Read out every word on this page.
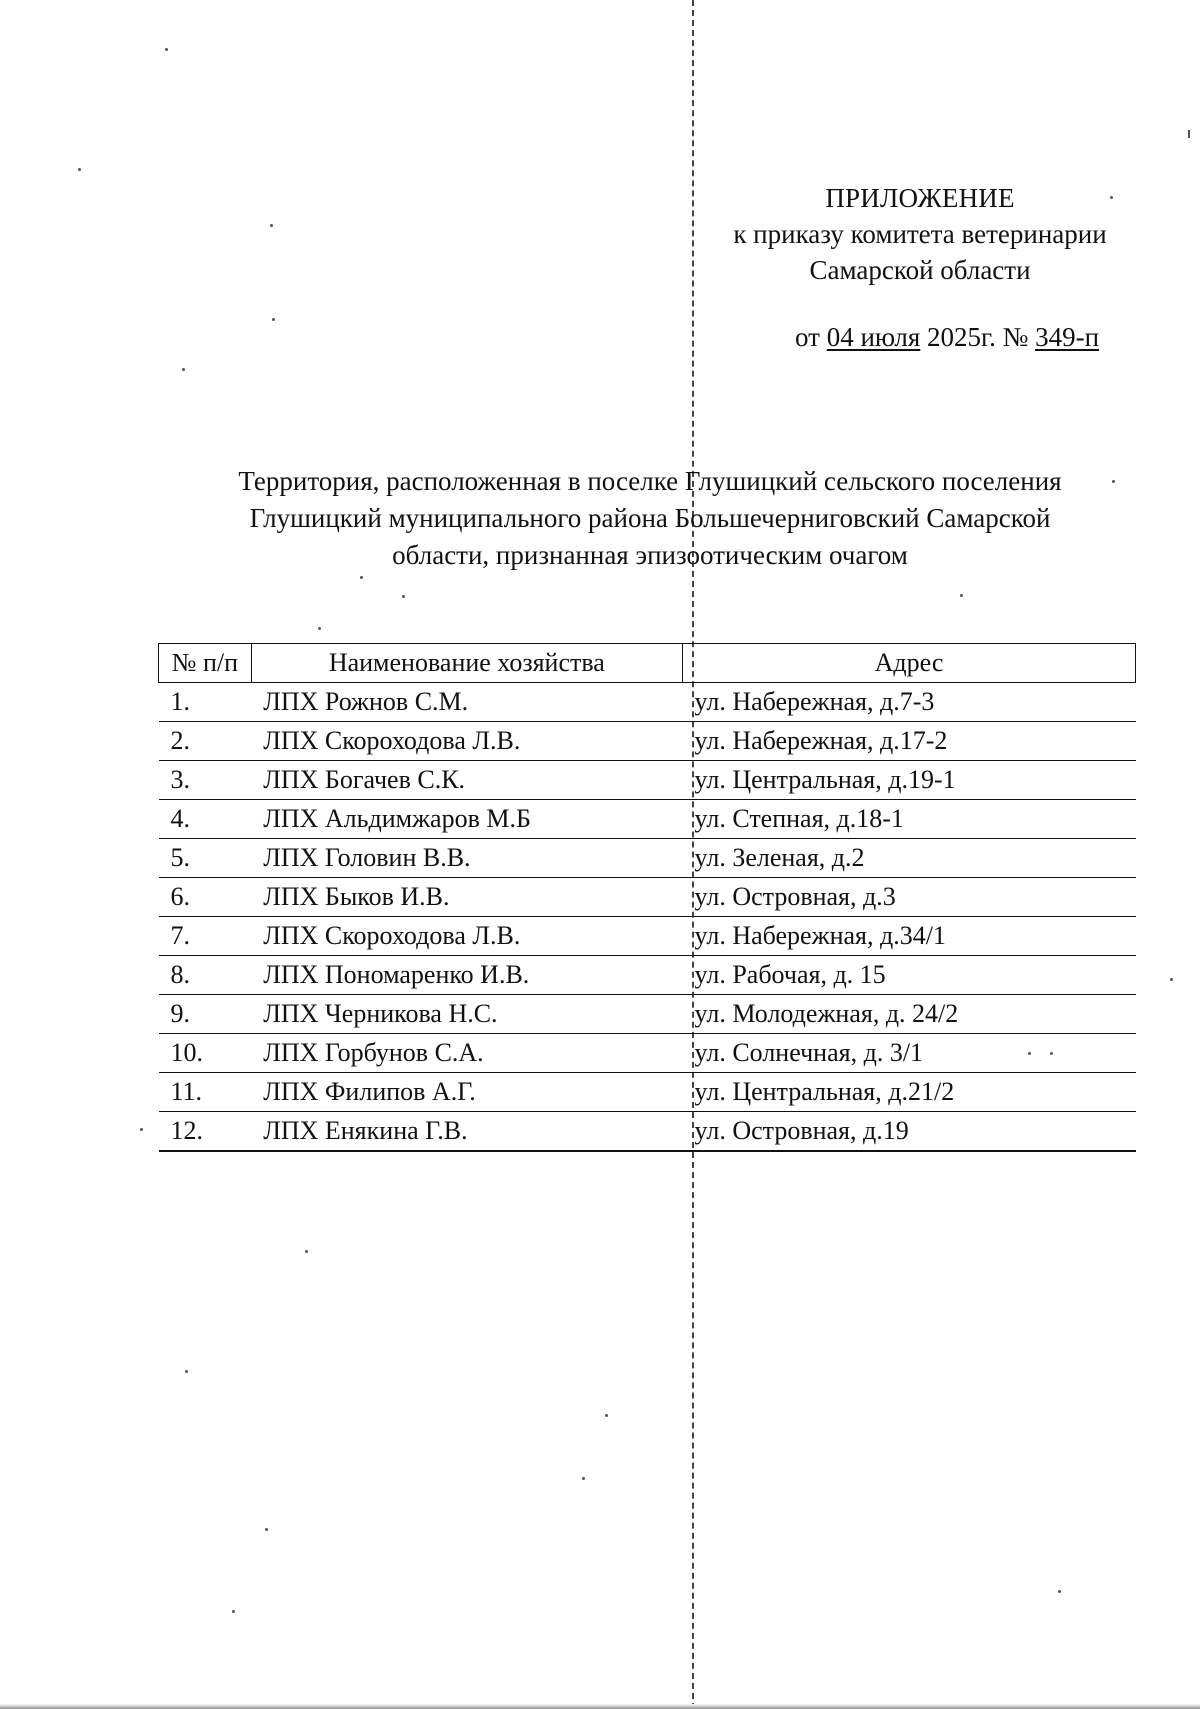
ПРИЛОЖЕНИЕ
к приказу комитета ветеринарии
Самарской области
от 04 июля 2025г. № 349-п
Территория, расположенная в поселке Глушицкий сельского поселения
Глушицкий муниципального района Большечерниговский Самарской
области, признанная эпизоотическим очагом
№ п/п	Наименование хозяйства	Адрес
1.	ЛПХ Рожнов С.М.	ул. Набережная, д.7-3
2.	ЛПХ Скороходова Л.В.	ул. Набережная, д.17-2
3.	ЛПХ Богачев С.К.	ул. Центральная, д.19-1
4.	ЛПХ Альдимжаров М.Б	ул. Степная, д.18-1
5.	ЛПХ Головин В.В.	ул. Зеленая, д.2
6.	ЛПХ Быков И.В.	ул. Островная, д.3
7.	ЛПХ Скороходова Л.В.	ул. Набережная, д.34/1
8.	ЛПХ Пономаренко И.В.	ул. Рабочая, д. 15
9.	ЛПХ Черникова Н.С.	ул. Молодежная, д. 24/2
10.	ЛПХ Горбунов С.А.	ул. Солнечная, д. 3/1
11.	ЛПХ Филипов А.Г.	ул. Центральная, д.21/2
12.	ЛПХ Енякина Г.В.	ул. Островная, д.19
